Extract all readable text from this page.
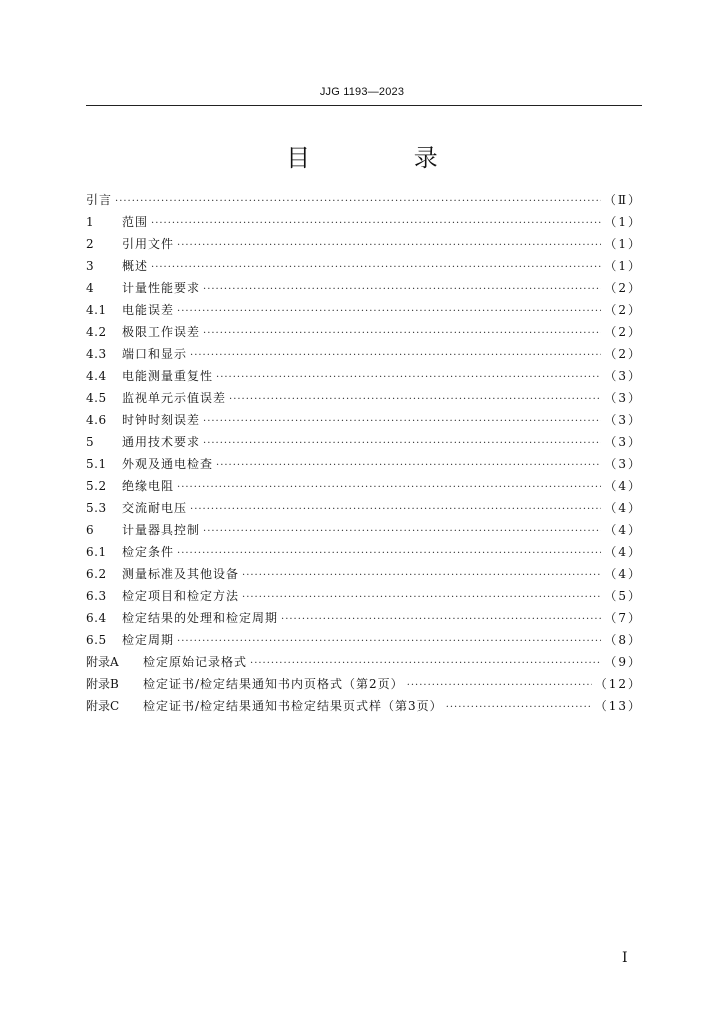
JJG 1193—2023
目 录
引言 ·····	（Ⅱ）
1	范围 ·····	（1）
2	引用文件 ·····	（1）
3	概述 ·····	（1）
4	计量性能要求 ·····	（2）
4.1	电能误差 ·····	（2）
4.2	极限工作误差 ·····	（2）
4.3	端口和显示 ·····	（2）
4.4	电能测量重复性 ·····	（3）
4.5	监视单元示值误差 ·····	（3）
4.6	时钟时刻误差 ·····	（3）
5	通用技术要求 ·····	（3）
5.1	外观及通电检查 ·····	（3）
5.2	绝缘电阻 ·····	（4）
5.3	交流耐电压 ·····	（4）
6	计量器具控制 ·····	（4）
6.1	检定条件 ·····	（4）
6.2	测量标准及其他设备 ·····	（4）
6.3	检定项目和检定方法 ·····	（5）
6.4	检定结果的处理和检定周期 ·····	（7）
6.5	检定周期 ·····	（8）
附录A	检定原始记录格式 ·····	（9）
附录B	检定证书/检定结果通知书内页格式（第2页） ·····	（12）
附录C	检定证书/检定结果通知书检定结果页式样（第3页） ·····	（13）
Ⅰ
